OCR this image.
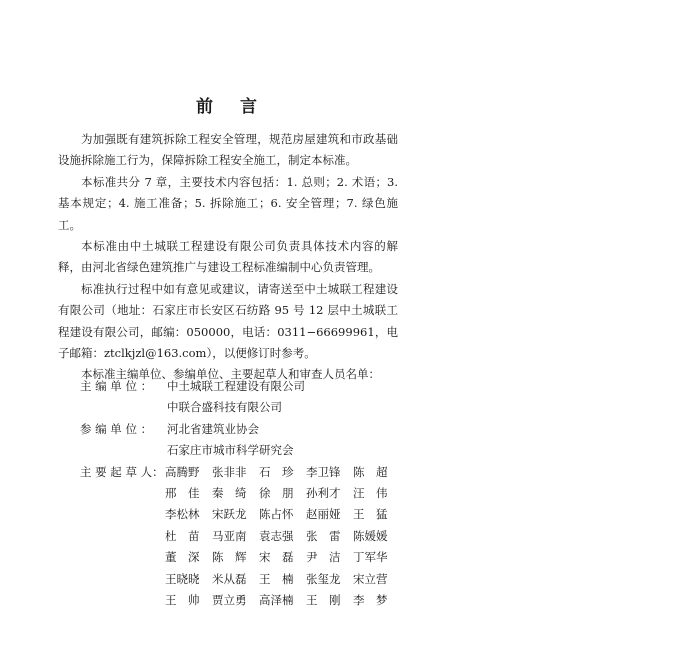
前 言

为加强既有建筑拆除工程安全管理，规范房屋建筑和市政基础设施拆除施工行为，保障拆除工程安全施工，制定本标准。

本标准共分 7 章，主要技术内容包括：1. 总则；2. 术语；3.基本规定；4. 施工准备；5. 拆除施工；6. 安全管理；7. 绿色施工。

本标准由中土城联工程建设有限公司负责具体技术内容的解释，由河北省绿色建筑推广与建设工程标准编制中心负责管理。

标准执行过程中如有意见或建议，请寄送至中土城联工程建设有限公司（地址：石家庄市长安区石纺路 95 号 12 层中土城联工程建设有限公司，邮编：050000，电话：0311−66699961，电子邮箱：ztclkjzl@163.com），以便修订时参考。

本标准主编单位、参编单位、主要起草人和审查人员名单：

主 编 单 位 ：	中土城联工程建设有限公司
中联合盛科技有限公司
参 编 单 位 ：	河北省建筑业协会
石家庄市城市科学研究会
主 要 起 草 人： 高腾野	张非非	石　珍	李卫锋	陈　超
邢　佳	秦　绮	徐　朋	孙利才	汪　伟
李松林	宋跃龙	陈占怀	赵丽娅	王　猛
杜　苗	马亚南	袁志强	张　雷	陈媛媛
董　深	陈　辉	宋　磊	尹　洁	丁军华
王晓晓	米从磊	王　楠	张玺龙	宋立营
王　帅	贾立勇	高泽楠	王　刚	李　梦
